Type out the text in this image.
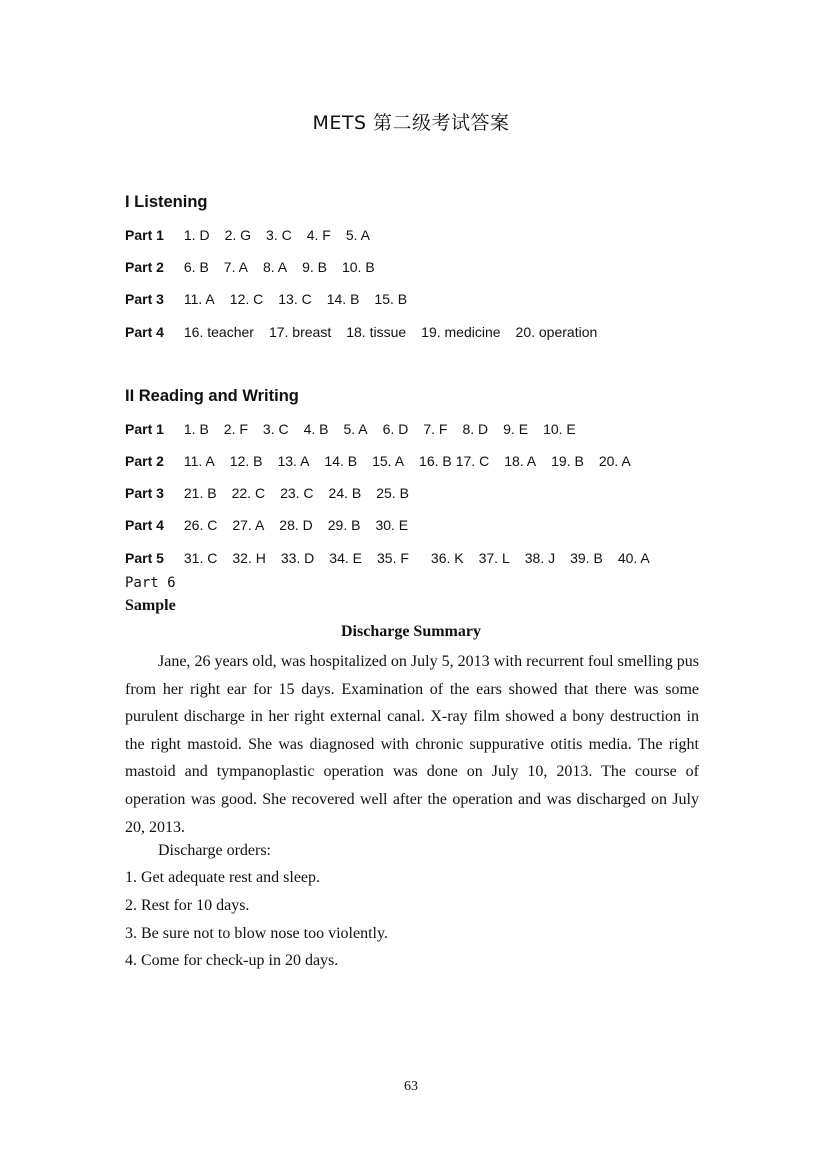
METS 第二级考试答案
I Listening
Part 1 1. D 2. G 3. C 4. F 5. A
Part 2 6. B 7. A 8. A 9. B 10. B
Part 3 11. A 12. C 13. C 14. B 15. B
Part 4 16. teacher 17. breast 18. tissue 19. medicine 20. operation
II Reading and Writing
Part 1 1. B 2. F 3. C 4. B 5. A 6. D 7. F 8. D 9. E 10. E
Part 2 11. A 12. B 13. A 14. B 15. A 16. B 17. C 18. A 19. B 20. A
Part 3 21. B 22. C 23. C 24. B 25. B
Part 4 26. C 27. A 28. D 29. B 30. E
Part 5 31. C 32. H 33. D 34. E 35. F 36. K 37. L 38. J 39. B 40. A
Part 6
Sample
Discharge Summary

Jane, 26 years old, was hospitalized on July 5, 2013 with recurrent foul smelling pus from her right ear for 15 days. Examination of the ears showed that there was some purulent discharge in her right external canal. X-ray film showed a bony destruction in the right mastoid. She was diagnosed with chronic suppurative otitis media. The right mastoid and tympanoplastic operation was done on July 10, 2013. The course of operation was good. She recovered well after the operation and was discharged on July 20, 2013.

Discharge orders:
1. Get adequate rest and sleep.
2. Rest for 10 days.
3. Be sure not to blow nose too violently.
4. Come for check-up in 20 days.
63
